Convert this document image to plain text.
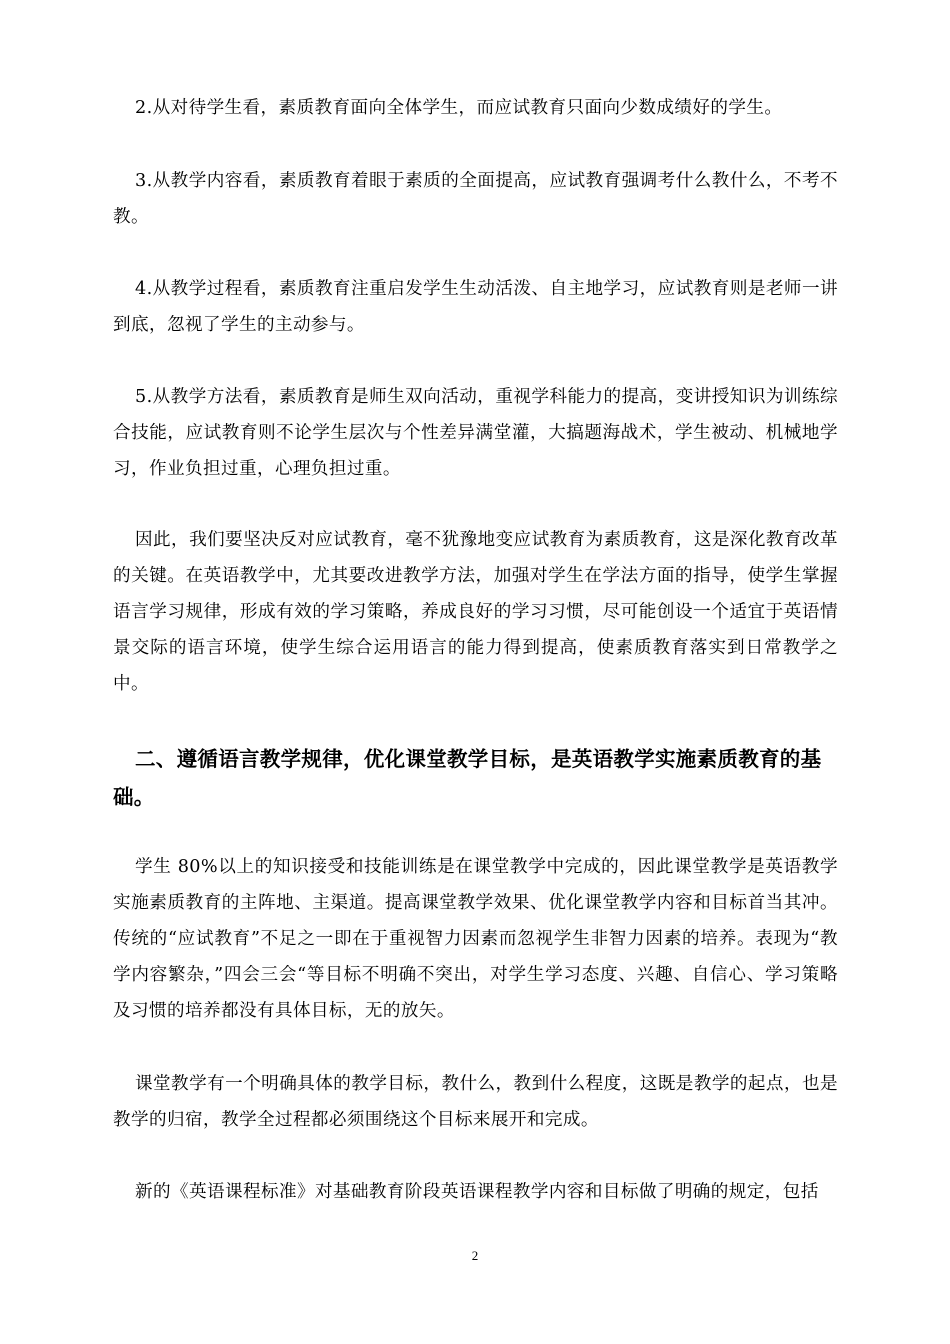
2.从对待学生看，素质教育面向全体学生，而应试教育只面向少数成绩好的学生。

3.从教学内容看，素质教育着眼于素质的全面提高，应试教育强调考什么教什么，不考不教。

4.从教学过程看，素质教育注重启发学生生动活泼、自主地学习，应试教育则是老师一讲到底，忽视了学生的主动参与。

5.从教学方法看，素质教育是师生双向活动，重视学科能力的提高，变讲授知识为训练综合技能，应试教育则不论学生层次与个性差异满堂灌，大搞题海战术，学生被动、机械地学习，作业负担过重，心理负担过重。

因此，我们要坚决反对应试教育，毫不犹豫地变应试教育为素质教育，这是深化教育改革的关键。在英语教学中，尤其要改进教学方法，加强对学生在学法方面的指导，使学生掌握语言学习规律，形成有效的学习策略，养成良好的学习习惯，尽可能创设一个适宜于英语情景交际的语言环境，使学生综合运用语言的能力得到提高，使素质教育落实到日常教学之中。

二、遵循语言教学规律，优化课堂教学目标，是英语教学实施素质教育的基础。

学生 80%以上的知识接受和技能训练是在课堂教学中完成的，因此课堂教学是英语教学实施素质教育的主阵地、主渠道。提高课堂教学效果、优化课堂教学内容和目标首当其冲。传统的“应试教育”不足之一即在于重视智力因素而忽视学生非智力因素的培养。表现为“教学内容繁杂，”四会三会“等目标不明确不突出，对学生学习态度、兴趣、自信心、学习策略及习惯的培养都没有具体目标，无的放矢。

课堂教学有一个明确具体的教学目标，教什么，教到什么程度，这既是教学的起点，也是教学的归宿，教学全过程都必须围绕这个目标来展开和完成。

新的《英语课程标准》对基础教育阶段英语课程教学内容和目标做了明确的规定，包括

2
